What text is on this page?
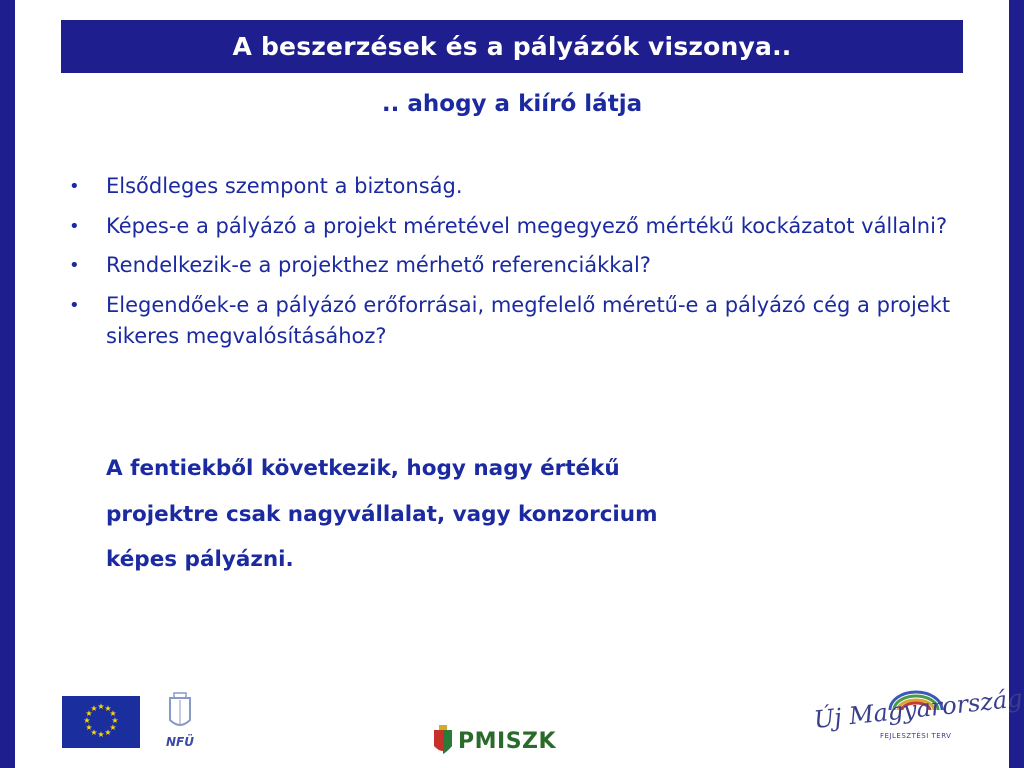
A beszerzések és a pályázók viszonya..
.. ahogy a kiíró látja
• Elsődleges szempont a biztonság.
• Képes-e a pályázó a projekt méretével megegyező mértékű kockázatot vállalni?
• Rendelkezik-e a projekthez mérhető referenciákkal?
• Elegendőek-e a pályázó erőforrásai, megfelelő méretű-e a pályázó cég a projekt sikeres megvalósításához?
A fentiekből következik, hogy nagy értékű
projektre csak nagyvállalat, vagy konzorcium
képes pályázni.
★ ★
★
★
★
★
★
★
★
★
★
★
NFÜ	PMISZK
Új Magyarország
FEJLESZTÉSI TERV
